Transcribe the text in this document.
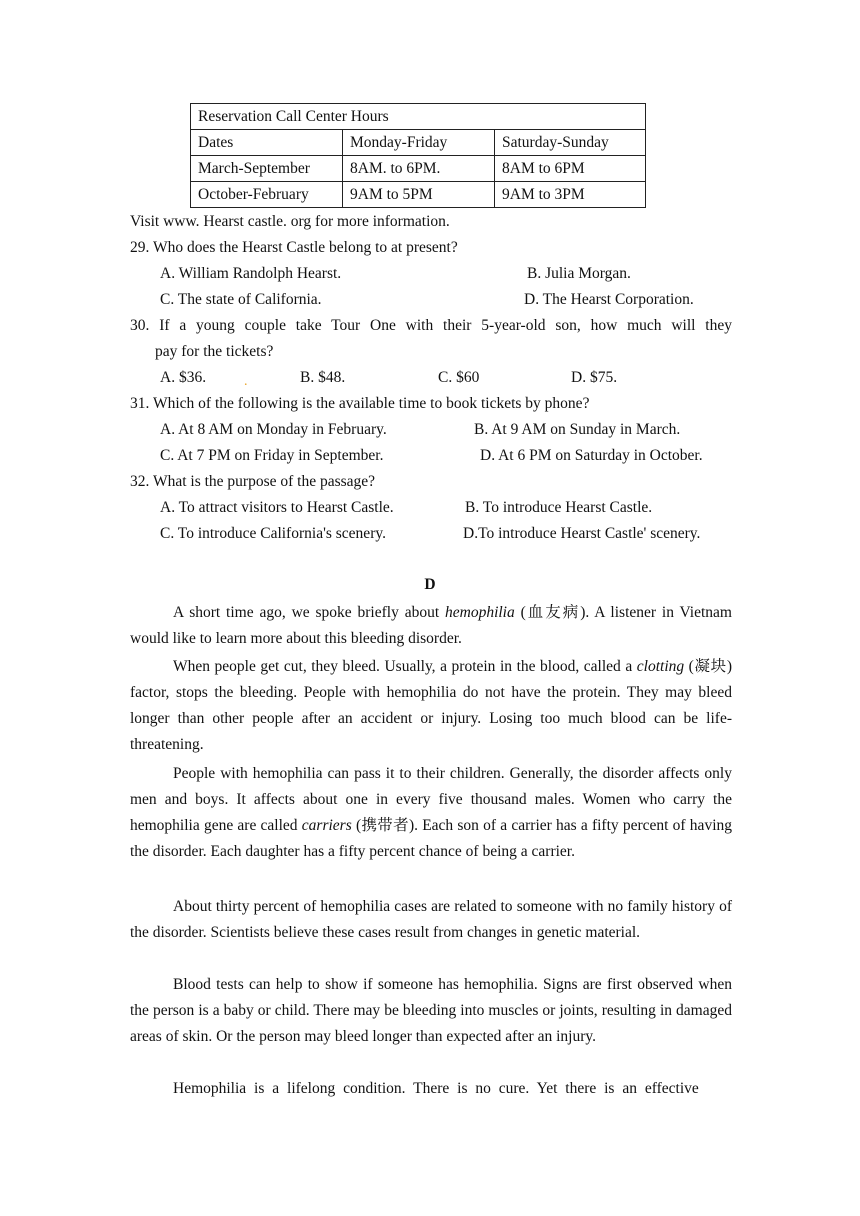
Reservation Call Center Hours		
Dates	Monday-Friday	Saturday-Sunday
March-September	8AM. to 6PM.	8AM to 6PM
October-February	9AM to 5PM	9AM to 3PM
Visit www. Hearst castle. org for more information.
29. Who does the Hearst Castle belong to at present?
A. William Randolph Hearst.	B. Julia Morgan.
C. The state of California.	D. The Hearst Corporation.
30. If a young couple take Tour One with their 5-year-old son, how much will they
pay for the tickets?
A. $36.	.	B. $48.	C. $60	D. $75.
31. Which of the following is the available time to book tickets by phone?
A. At 8 AM on Monday in February.	B. At 9 AM on Sunday in March.
C. At 7 PM on Friday in September.	D. At 6 PM on Saturday in October.
32. What is the purpose of the passage?
A. To attract visitors to Hearst Castle.	B. To introduce Hearst Castle.
C. To introduce California's scenery.	D.To introduce Hearst Castle' scenery.
D

A short time ago, we spoke briefly about hemophilia (血友病). A listener in Vietnam would like to learn more about this bleeding disorder.

When people get cut, they bleed. Usually, a protein in the blood, called a clotting (凝块) factor, stops the bleeding. People with hemophilia do not have the protein. They may bleed longer than other people after an accident or injury. Losing too much blood can be life-threatening.

People with hemophilia can pass it to their children. Generally, the disorder affects only men and boys. It affects about one in every five thousand males. Women who carry the hemophilia gene are called carriers (携带者). Each son of a carrier has a fifty percent of having the disorder. Each daughter has a fifty percent chance of being a carrier.

About thirty percent of hemophilia cases are related to someone with no family history of the disorder. Scientists believe these cases result from changes in genetic material.

Blood tests can help to show if someone has hemophilia. Signs are first observed when the person is a baby or child. There may be bleeding into muscles or joints, resulting in damaged areas of skin. Or the person may bleed longer than expected after an injury.

Hemophilia is a lifelong condition. There is no cure. Yet there is an effective
